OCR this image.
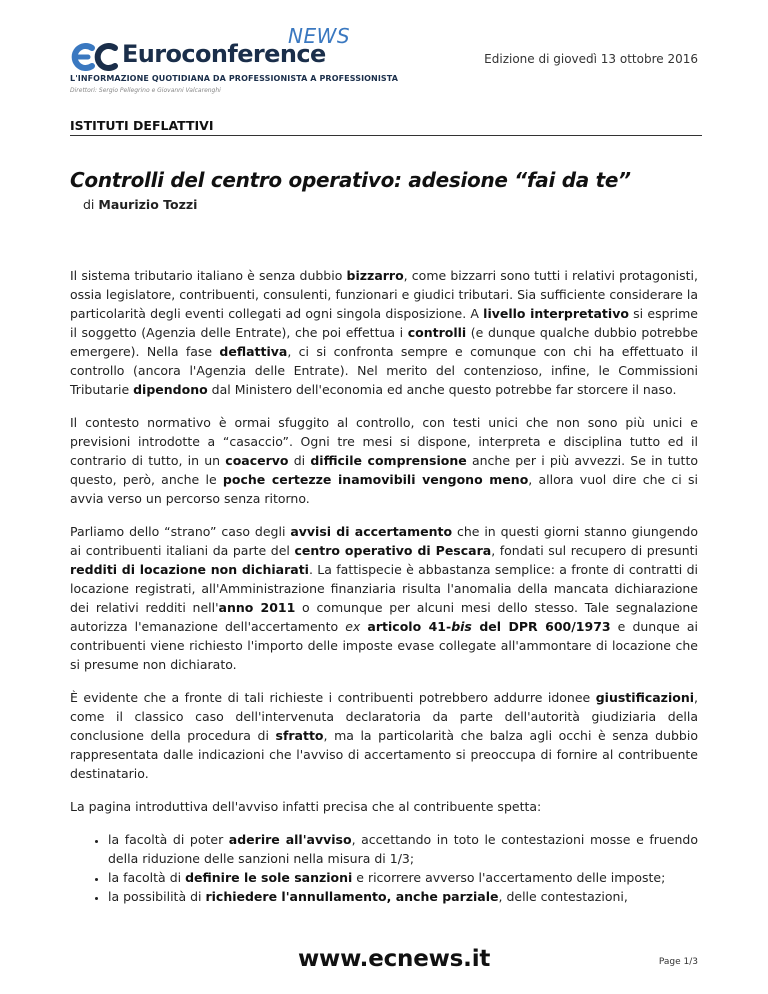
NEWS
Euroconference
L'INFORMAZIONE QUOTIDIANA DA PROFESSIONISTA A PROFESSIONISTA
Direttori: Sergio Pellegrino e Giovanni Valcarenghi
Edizione di giovedì 13 ottobre 2016
ISTITUTI DEFLATTIVI
Controlli del centro operativo: adesione “fai da te”
di Maurizio Tozzi

Il sistema tributario italiano è senza dubbio bizzarro, come bizzarri sono tutti i relativi protagonisti, ossia legislatore, contribuenti, consulenti, funzionari e giudici tributari. Sia sufficiente considerare la particolarità degli eventi collegati ad ogni singola disposizione. A livello interpretativo si esprime il soggetto (Agenzia delle Entrate), che poi effettua i controlli (e dunque qualche dubbio potrebbe emergere). Nella fase deflattiva, ci si confronta sempre e comunque con chi ha effettuato il controllo (ancora l'Agenzia delle Entrate). Nel merito del contenzioso, infine, le Commissioni Tributarie dipendono dal Ministero dell'economia ed anche questo potrebbe far storcere il naso.

Il contesto normativo è ormai sfuggito al controllo, con testi unici che non sono più unici e previsioni introdotte a “casaccio”. Ogni tre mesi si dispone, interpreta e disciplina tutto ed il contrario di tutto, in un coacervo di difficile comprensione anche per i più avvezzi. Se in tutto questo, però, anche le poche certezze inamovibili vengono meno, allora vuol dire che ci si avvia verso un percorso senza ritorno.

Parliamo dello “strano” caso degli avvisi di accertamento che in questi giorni stanno giungendo ai contribuenti italiani da parte del centro operativo di Pescara, fondati sul recupero di presunti redditi di locazione non dichiarati. La fattispecie è abbastanza semplice: a fronte di contratti di locazione registrati, all'Amministrazione finanziaria risulta l'anomalia della mancata dichiarazione dei relativi redditi nell'anno 2011 o comunque per alcuni mesi dello stesso. Tale segnalazione autorizza l'emanazione dell'accertamento ex articolo 41-bis del DPR 600/1973 e dunque ai contribuenti viene richiesto l'importo delle imposte evase collegate all'ammontare di locazione che si presume non dichiarato.

È evidente che a fronte di tali richieste i contribuenti potrebbero addurre idonee giustificazioni, come il classico caso dell'intervenuta declaratoria da parte dell'autorità giudiziaria della conclusione della procedura di sfratto, ma la particolarità che balza agli occhi è senza dubbio rappresentata dalle indicazioni che l'avviso di accertamento si preoccupa di fornire al contribuente destinatario.

La pagina introduttiva dell'avviso infatti precisa che al contribuente spetta:

• la facoltà di poter aderire all'avviso, accettando in toto le contestazioni mosse e fruendo della riduzione delle sanzioni nella misura di 1/3;
• la facoltà di definire le sole sanzioni e ricorrere avverso l'accertamento delle imposte;
• la possibilità di richiedere l'annullamento, anche parziale, delle contestazioni,
www.ecnews.it	Page 1/3
